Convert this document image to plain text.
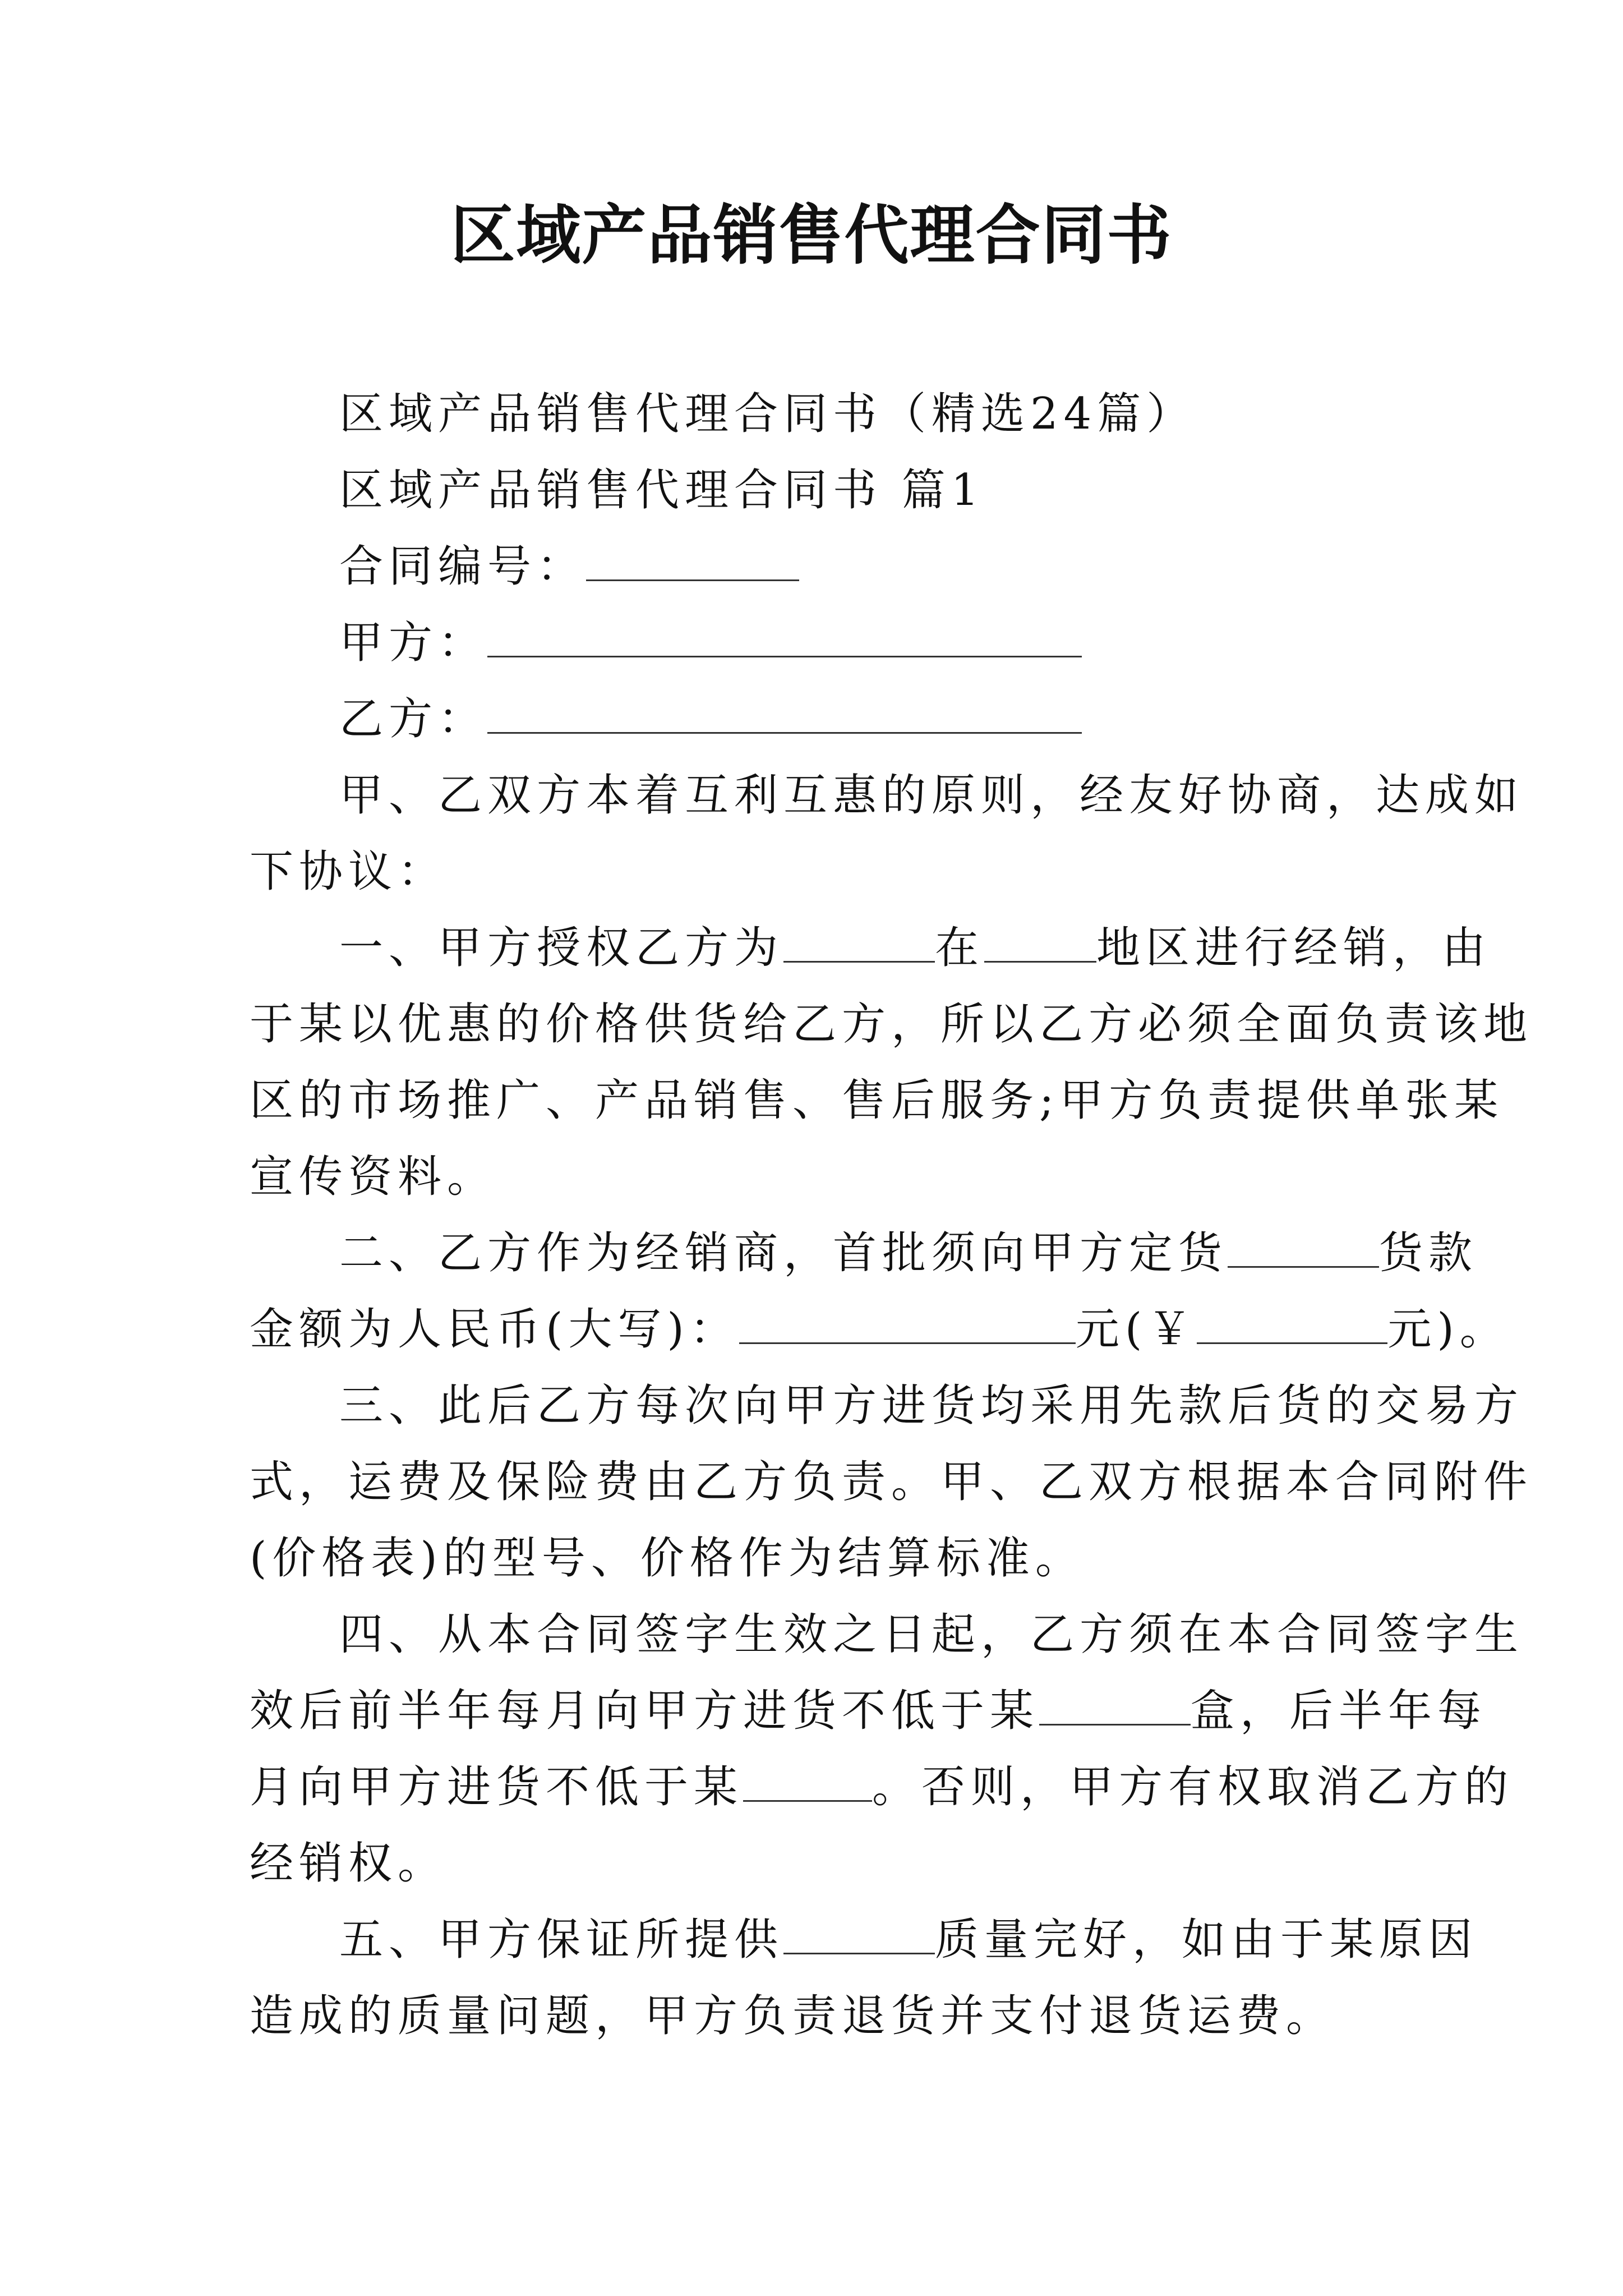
区域产品销售代理合同书
区域产品销售代理合同书（精选24篇）
区域产品销售代理合同书 篇1
合同编号：
甲方：
乙方：
甲、乙双方本着互利互惠的原则，经友好协商，达成如
下协议：
一、甲方授权乙方为	在	地区进行经销，由
于某以优惠的价格供货给乙方，所以乙方必须全面负责该地
区的市场推广、产品销售、售后服务;甲方负责提供单张某
宣传资料。
二、乙方作为经销商，首批须向甲方定货	货款
金额为人民币(大写)：	元(￥	元)。
三、此后乙方每次向甲方进货均采用先款后货的交易方
式，运费及保险费由乙方负责。甲、乙双方根据本合同附件
(价格表)的型号、价格作为结算标准。
四、从本合同签字生效之日起，乙方须在本合同签字生
效后前半年每月向甲方进货不低于某	盒，后半年每
月向甲方进货不低于某	。否则，甲方有权取消乙方的
经销权。
五、甲方保证所提供	质量完好，如由于某原因
造成的质量问题，甲方负责退货并支付退货运费。
